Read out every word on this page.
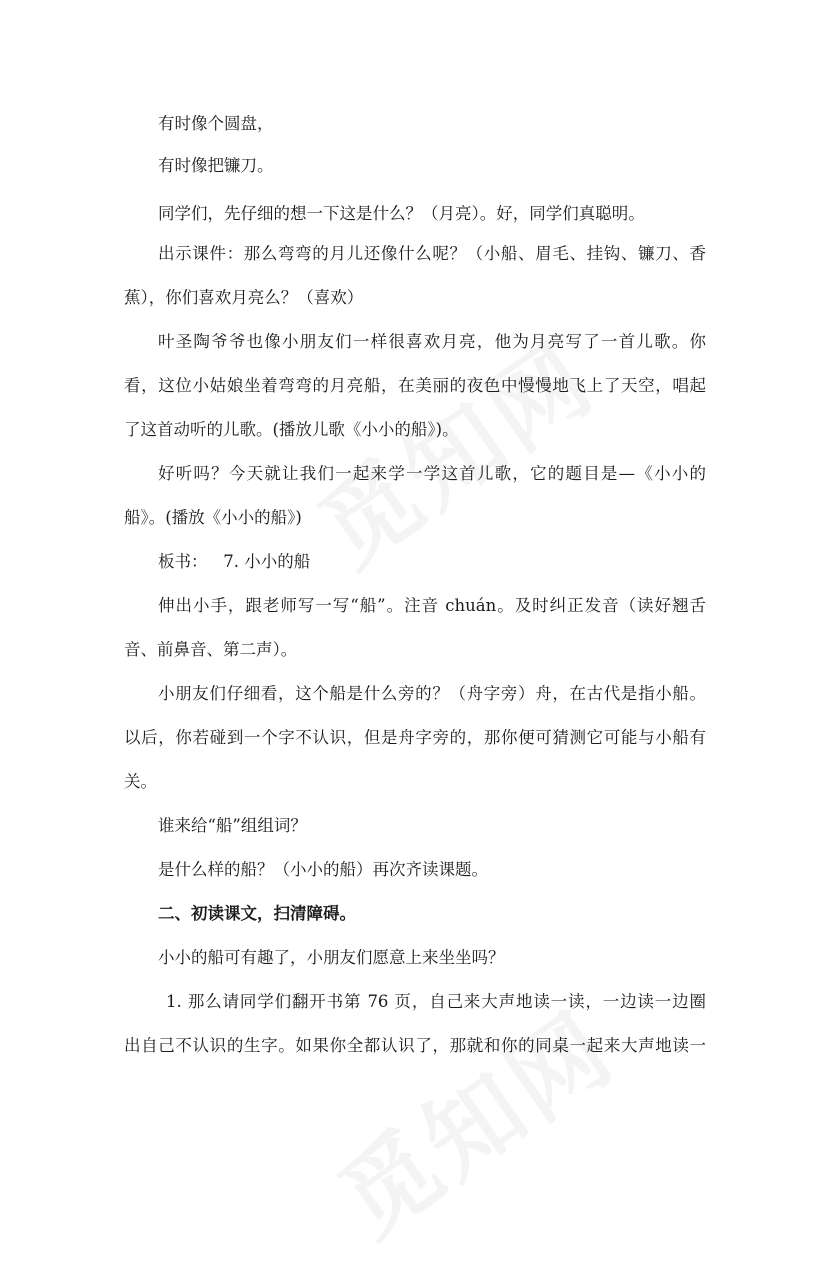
有时像个圆盘，
有时像把镰刀。
同学们，先仔细的想一下这是什么？（月亮）。好，同学们真聪明。
出示课件：那么弯弯的月儿还像什么呢？（小船、眉毛、挂钩、镰刀、香
蕉），你们喜欢月亮么？（喜欢）
叶圣陶爷爷也像小朋友们一样很喜欢月亮，他为月亮写了一首儿歌。你
看，这位小姑娘坐着弯弯的月亮船，在美丽的夜色中慢慢地飞上了天空，唱起
了这首动听的儿歌。(播放儿歌《小小的船》)。
好听吗？今天就让我们一起来学一学这首儿歌，它的题目是—《小小的
船》。(播放《小小的船》)
板书：   7. 小小的船
伸出小手，跟老师写一写“船”。注音 chuán。及时纠正发音（读好翘舌
音、前鼻音、第二声）。
小朋友们仔细看，这个船是什么旁的？（舟字旁）舟，在古代是指小船。
以后，你若碰到一个字不认识，但是舟字旁的，那你便可猜测它可能与小船有
关。
谁来给“船”组组词？
是什么样的船？（小小的船）再次齐读课题。
二、初读课文，扫清障碍。
小小的船可有趣了，小朋友们愿意上来坐坐吗？
1. 那么请同学们翻开书第 76 页，自己来大声地读一读，一边读一边圈
出自己不认识的生字。如果你全都认识了，那就和你的同桌一起来大声地读一
